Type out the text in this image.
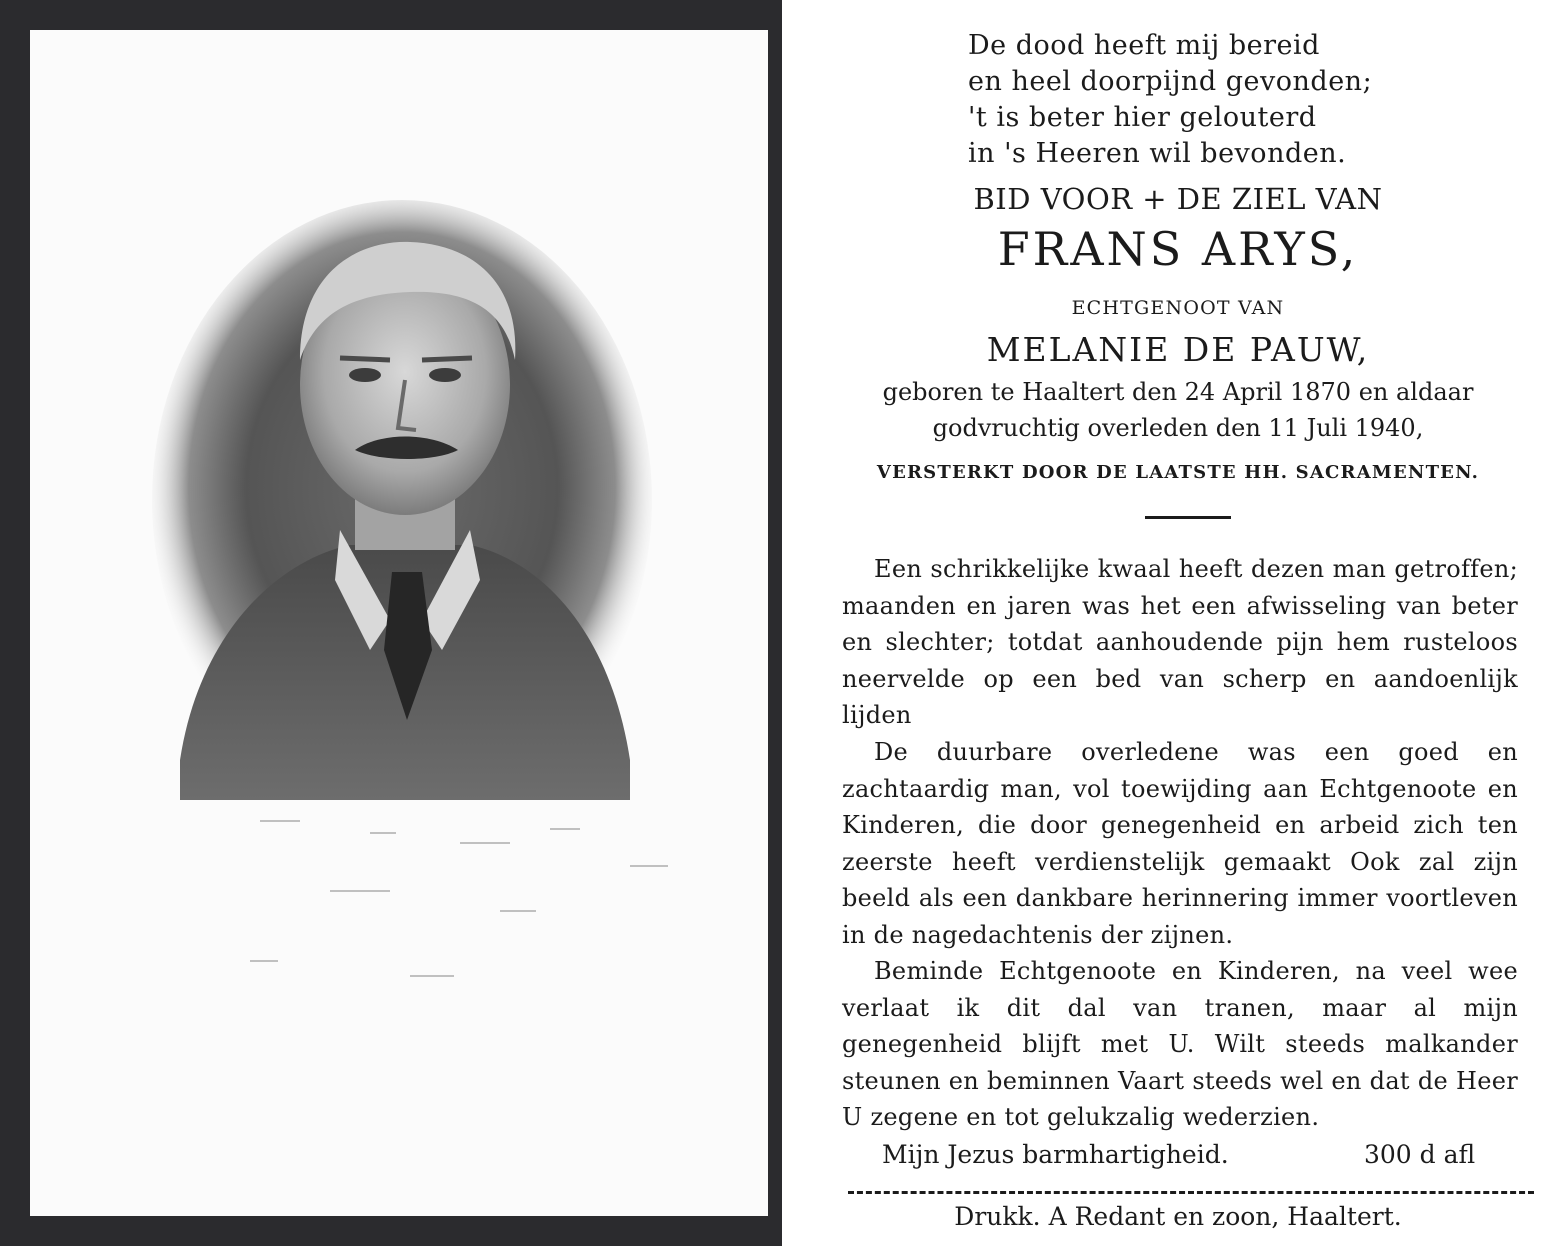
De dood heeft mij bereid
en heel doorpijnd gevonden;
't is beter hier gelouterd
in 's Heeren wil bevonden.
BID VOOR + DE ZIEL VAN
FRANS ARYS,
ECHTGENOOT VAN
MELANIE DE PAUW,
geboren te Haaltert den 24 April 1870 en aldaar
godvruchtig overleden den 11 Juli 1940,
VERSTERKT DOOR DE LAATSTE HH. SACRAMENTEN.
Een schrikkelijke kwaal heeft dezen man getroffen; maanden en jaren was het een afwisseling van beter en slechter; totdat aanhoudende pijn hem rusteloos neervelde op een bed van scherp en aandoenlijk lijden
De duurbare overledene was een goed en zachtaardig man, vol toewijding aan Echtgenoote en Kinderen, die door genegenheid en arbeid zich ten zeerste heeft verdienstelijk gemaakt Ook zal zijn beeld als een dankbare herinnering immer voortleven in de nagedachtenis der zijnen.
Beminde Echtgenoote en Kinderen, na veel wee verlaat ik dit dal van tranen, maar al mijn genegenheid blijft met U. Wilt steeds malkander steunen en beminnen Vaart steeds wel en dat de Heer U zegene en tot gelukzalig wederzien.
Mijn Jezus barmhartigheid.	300 d afl
Drukk. A Redant en zoon, Haaltert.
